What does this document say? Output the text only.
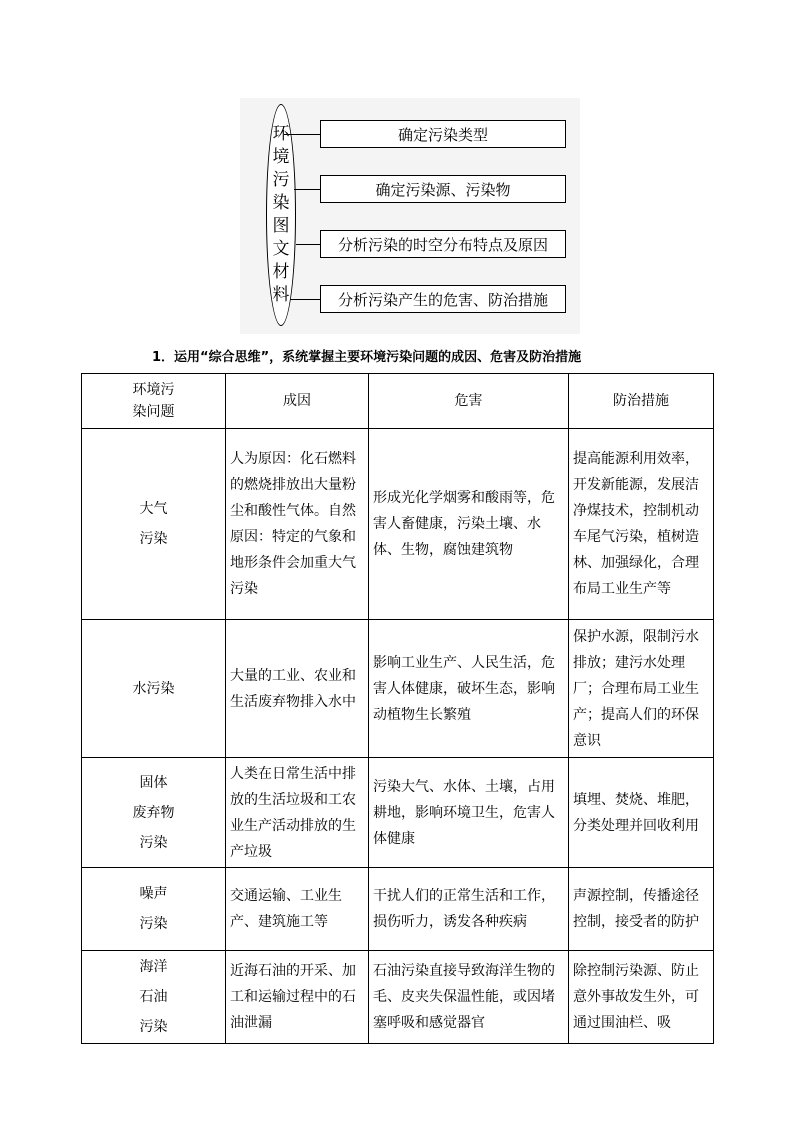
环
境
污
染
图
文
材
料
确定污染类型
确定污染源、污染物
分析污染的时空分布特点及原因
分析污染产生的危害、防治措施
1．运用“综合思维”，系统掌握主要环境污染问题的成因、危害及防治措施
环境污
染问题	成因	危害	防治措施
大气
污染	人为原因：化石燃料的燃烧排放出大量粉尘和酸性气体。自然原因：特定的气象和地形条件会加重大气污染	形成光化学烟雾和酸雨等，危害人畜健康，污染土壤、水体、生物，腐蚀建筑物	提高能源利用效率，开发新能源，发展洁净煤技术，控制机动车尾气污染，植树造林、加强绿化，合理布局工业生产等
水污染	大量的工业、农业和生活废弃物排入水中	影响工业生产、人民生活，危害人体健康，破坏生态，影响动植物生长繁殖	保护水源，限制污水排放；建污水处理厂；合理布局工业生产；提高人们的环保意识
固体
废弃物
污染	人类在日常生活中排放的生活垃圾和工农业生产活动排放的生产垃圾	污染大气、水体、土壤，占用耕地，影响环境卫生，危害人体健康	填埋、焚烧、堆肥，分类处理并回收利用
噪声
污染	交通运输、工业生产、建筑施工等	干扰人们的正常生活和工作，损伤听力，诱发各种疾病	声源控制，传播途径控制，接受者的防护
海洋
石油
污染	近海石油的开采、加工和运输过程中的石油泄漏	石油污染直接导致海洋生物的毛、皮夹失保温性能，或因堵塞呼吸和感觉器官	除控制污染源、防止意外事故发生外，可通过围油栏、吸
